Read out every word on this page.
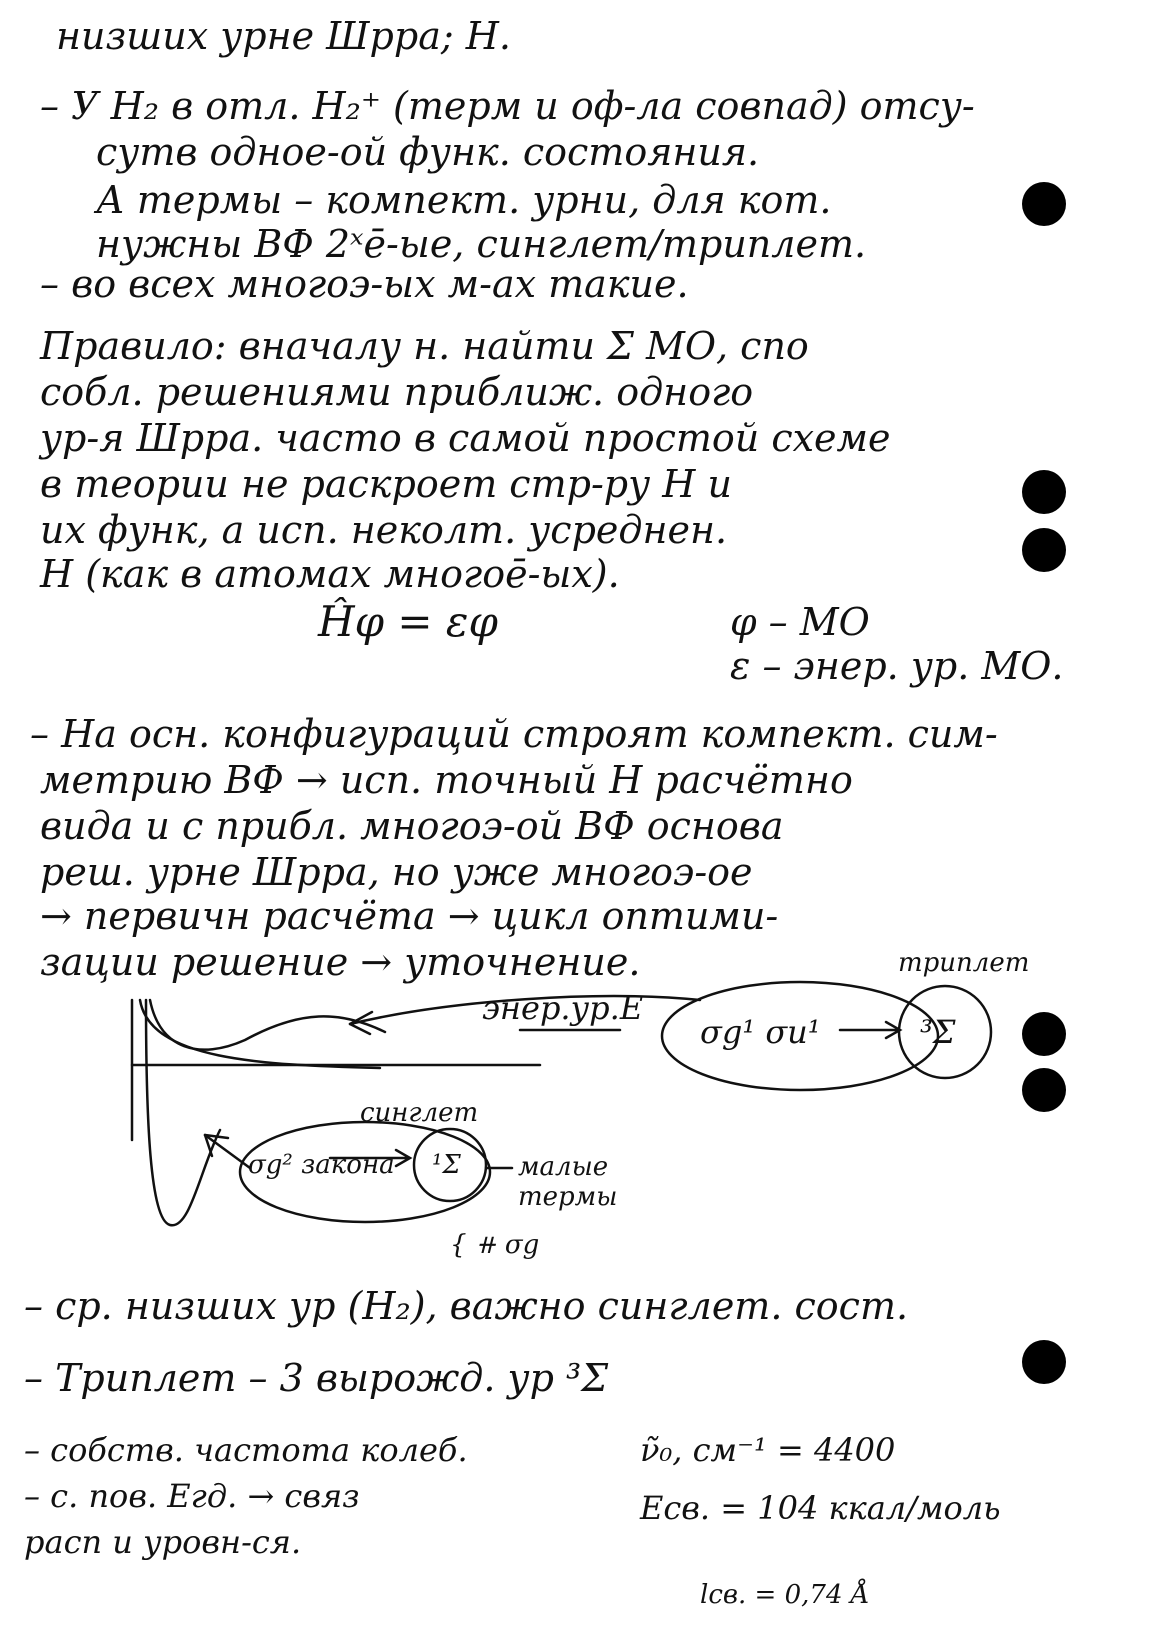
низших урне Шрра; Н.
– У Н₂ в отл. Н₂⁺ (терм и оф-ла совпад) отсу-
сутв одноe-ой функ. состояния.
А термы – компект. урни, для кот.
нужны ВФ 2ˣē-ые, синглет/триплет.
– во всех многоэ-ых м-ах такие.
Правило: вначалу н. найти Σ МО, спо
собл. решениями приближ. одного
ур-я Шрра. часто в самой простой схеме
в теории не раскроет стр-ру Н и
их функ, а исп. неколт. усреднен.
Н (как в атомах многоē-ых).
Ĥφ = εφ	φ – МО
ε – энер. ур. МО.
– На осн. конфигураций строят компект. сим-
метрию ВФ → исп. точный Н расчётно
вида и с прибл. многоэ-ой ВФ основа
реш. урне Шрра, но уже многоэ-ое
→ первичн расчёта → цикл оптими-
зации решение → уточнение.
энер.ур.Е
триплет
σg¹ σu¹	³Σ
синглет
σg² закона ¹Σ малые термы
{ ⧺ σg
– ср. низших ур (Н₂), важно синглет. сост.
– Триплет – 3 вырожд. ур ³Σ
– собств. частота колеб.
– с. пов. Егд. → связ
расп и уровн-ся.
ν̃₀, см⁻¹ = 4400
Есв. = 104 ккал/моль
lсв. = 0,74 Å
